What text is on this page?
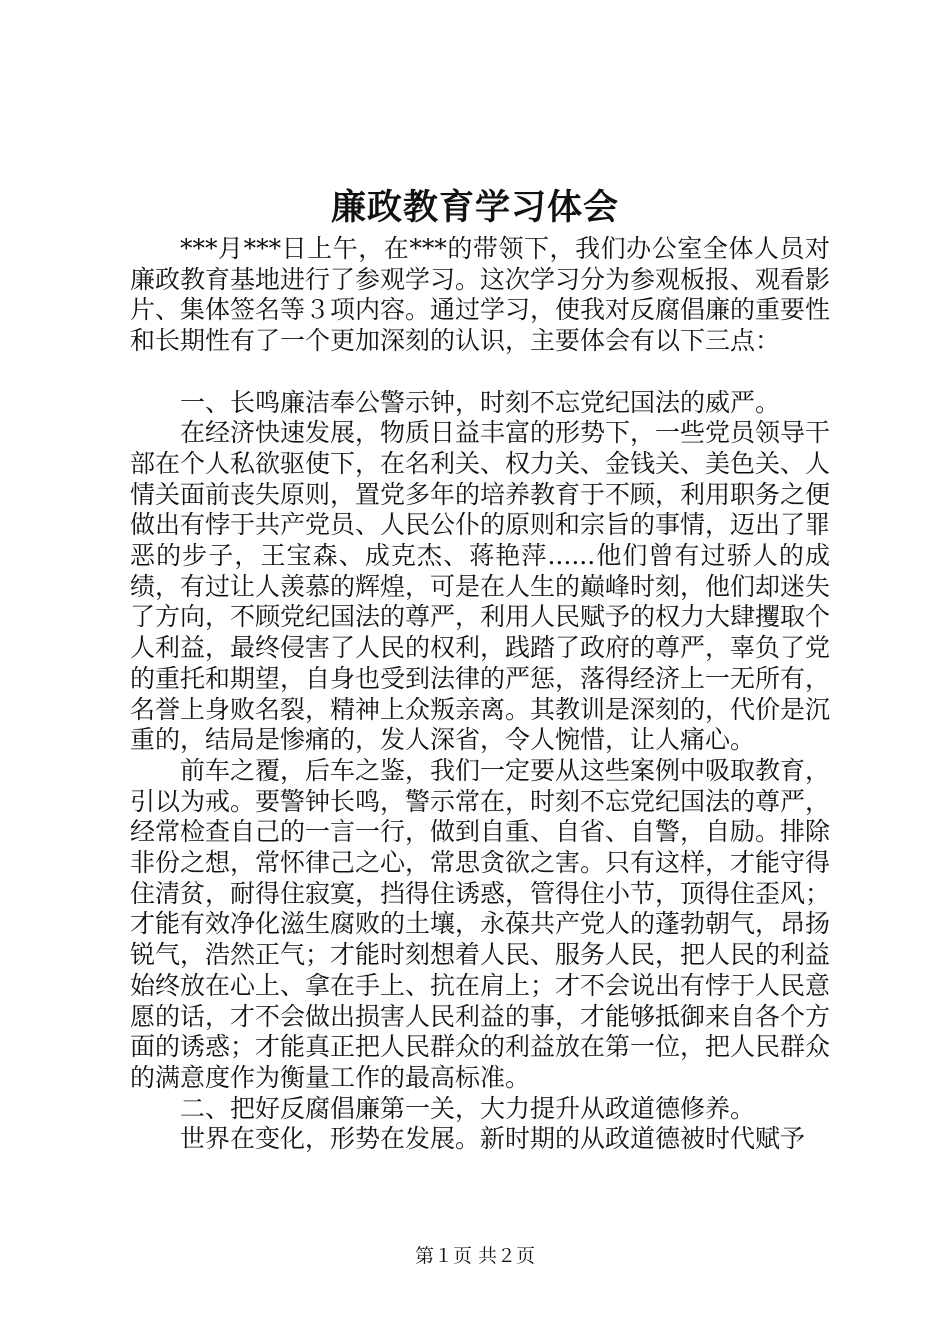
廉政教育学习体会

***月***日上午，在***的带领下，我们办公室全体人员对廉政教育基地进行了参观学习。这次学习分为参观板报、观看影片、集体签名等３项内容。通过学习，使我对反腐倡廉的重要性和长期性有了一个更加深刻的认识，主要体会有以下三点：

一、长鸣廉洁奉公警示钟，时刻不忘党纪国法的威严。

在经济快速发展，物质日益丰富的形势下，一些党员领导干部在个人私欲驱使下，在名利关、权力关、金钱关、美色关、人情关面前丧失原则，置党多年的培养教育于不顾，利用职务之便做出有悖于共产党员、人民公仆的原则和宗旨的事情，迈出了罪恶的步子，王宝森、成克杰、蒋艳萍......他们曾有过骄人的成绩，有过让人羡慕的辉煌，可是在人生的巅峰时刻，他们却迷失了方向，不顾党纪国法的尊严，利用人民赋予的权力大肆攫取个人利益，最终侵害了人民的权利，践踏了政府的尊严，辜负了党的重托和期望，自身也受到法律的严惩，落得经济上一无所有，名誉上身败名裂，精神上众叛亲离。其教训是深刻的，代价是沉重的，结局是惨痛的，发人深省，令人惋惜，让人痛心。

前车之覆，后车之鉴，我们一定要从这些案例中吸取教育，引以为戒。要警钟长鸣，警示常在，时刻不忘党纪国法的尊严，经常检查自己的一言一行，做到自重、自省、自警，自励。排除非份之想，常怀律己之心，常思贪欲之害。只有这样，才能守得住清贫，耐得住寂寞，挡得住诱惑，管得住小节，顶得住歪风；才能有效净化滋生腐败的土壤，永葆共产党人的蓬勃朝气，昂扬锐气，浩然正气；才能时刻想着人民、服务人民，把人民的利益始终放在心上、拿在手上、抗在肩上；才不会说出有悖于人民意愿的话，才不会做出损害人民利益的事，才能够抵御来自各个方面的诱惑；才能真正把人民群众的利益放在第一位，把人民群众的满意度作为衡量工作的最高标准。

二、把好反腐倡廉第一关，大力提升从政道德修养。

世界在变化，形势在发展。新时期的从政道德被时代赋予

第１页 共２页
